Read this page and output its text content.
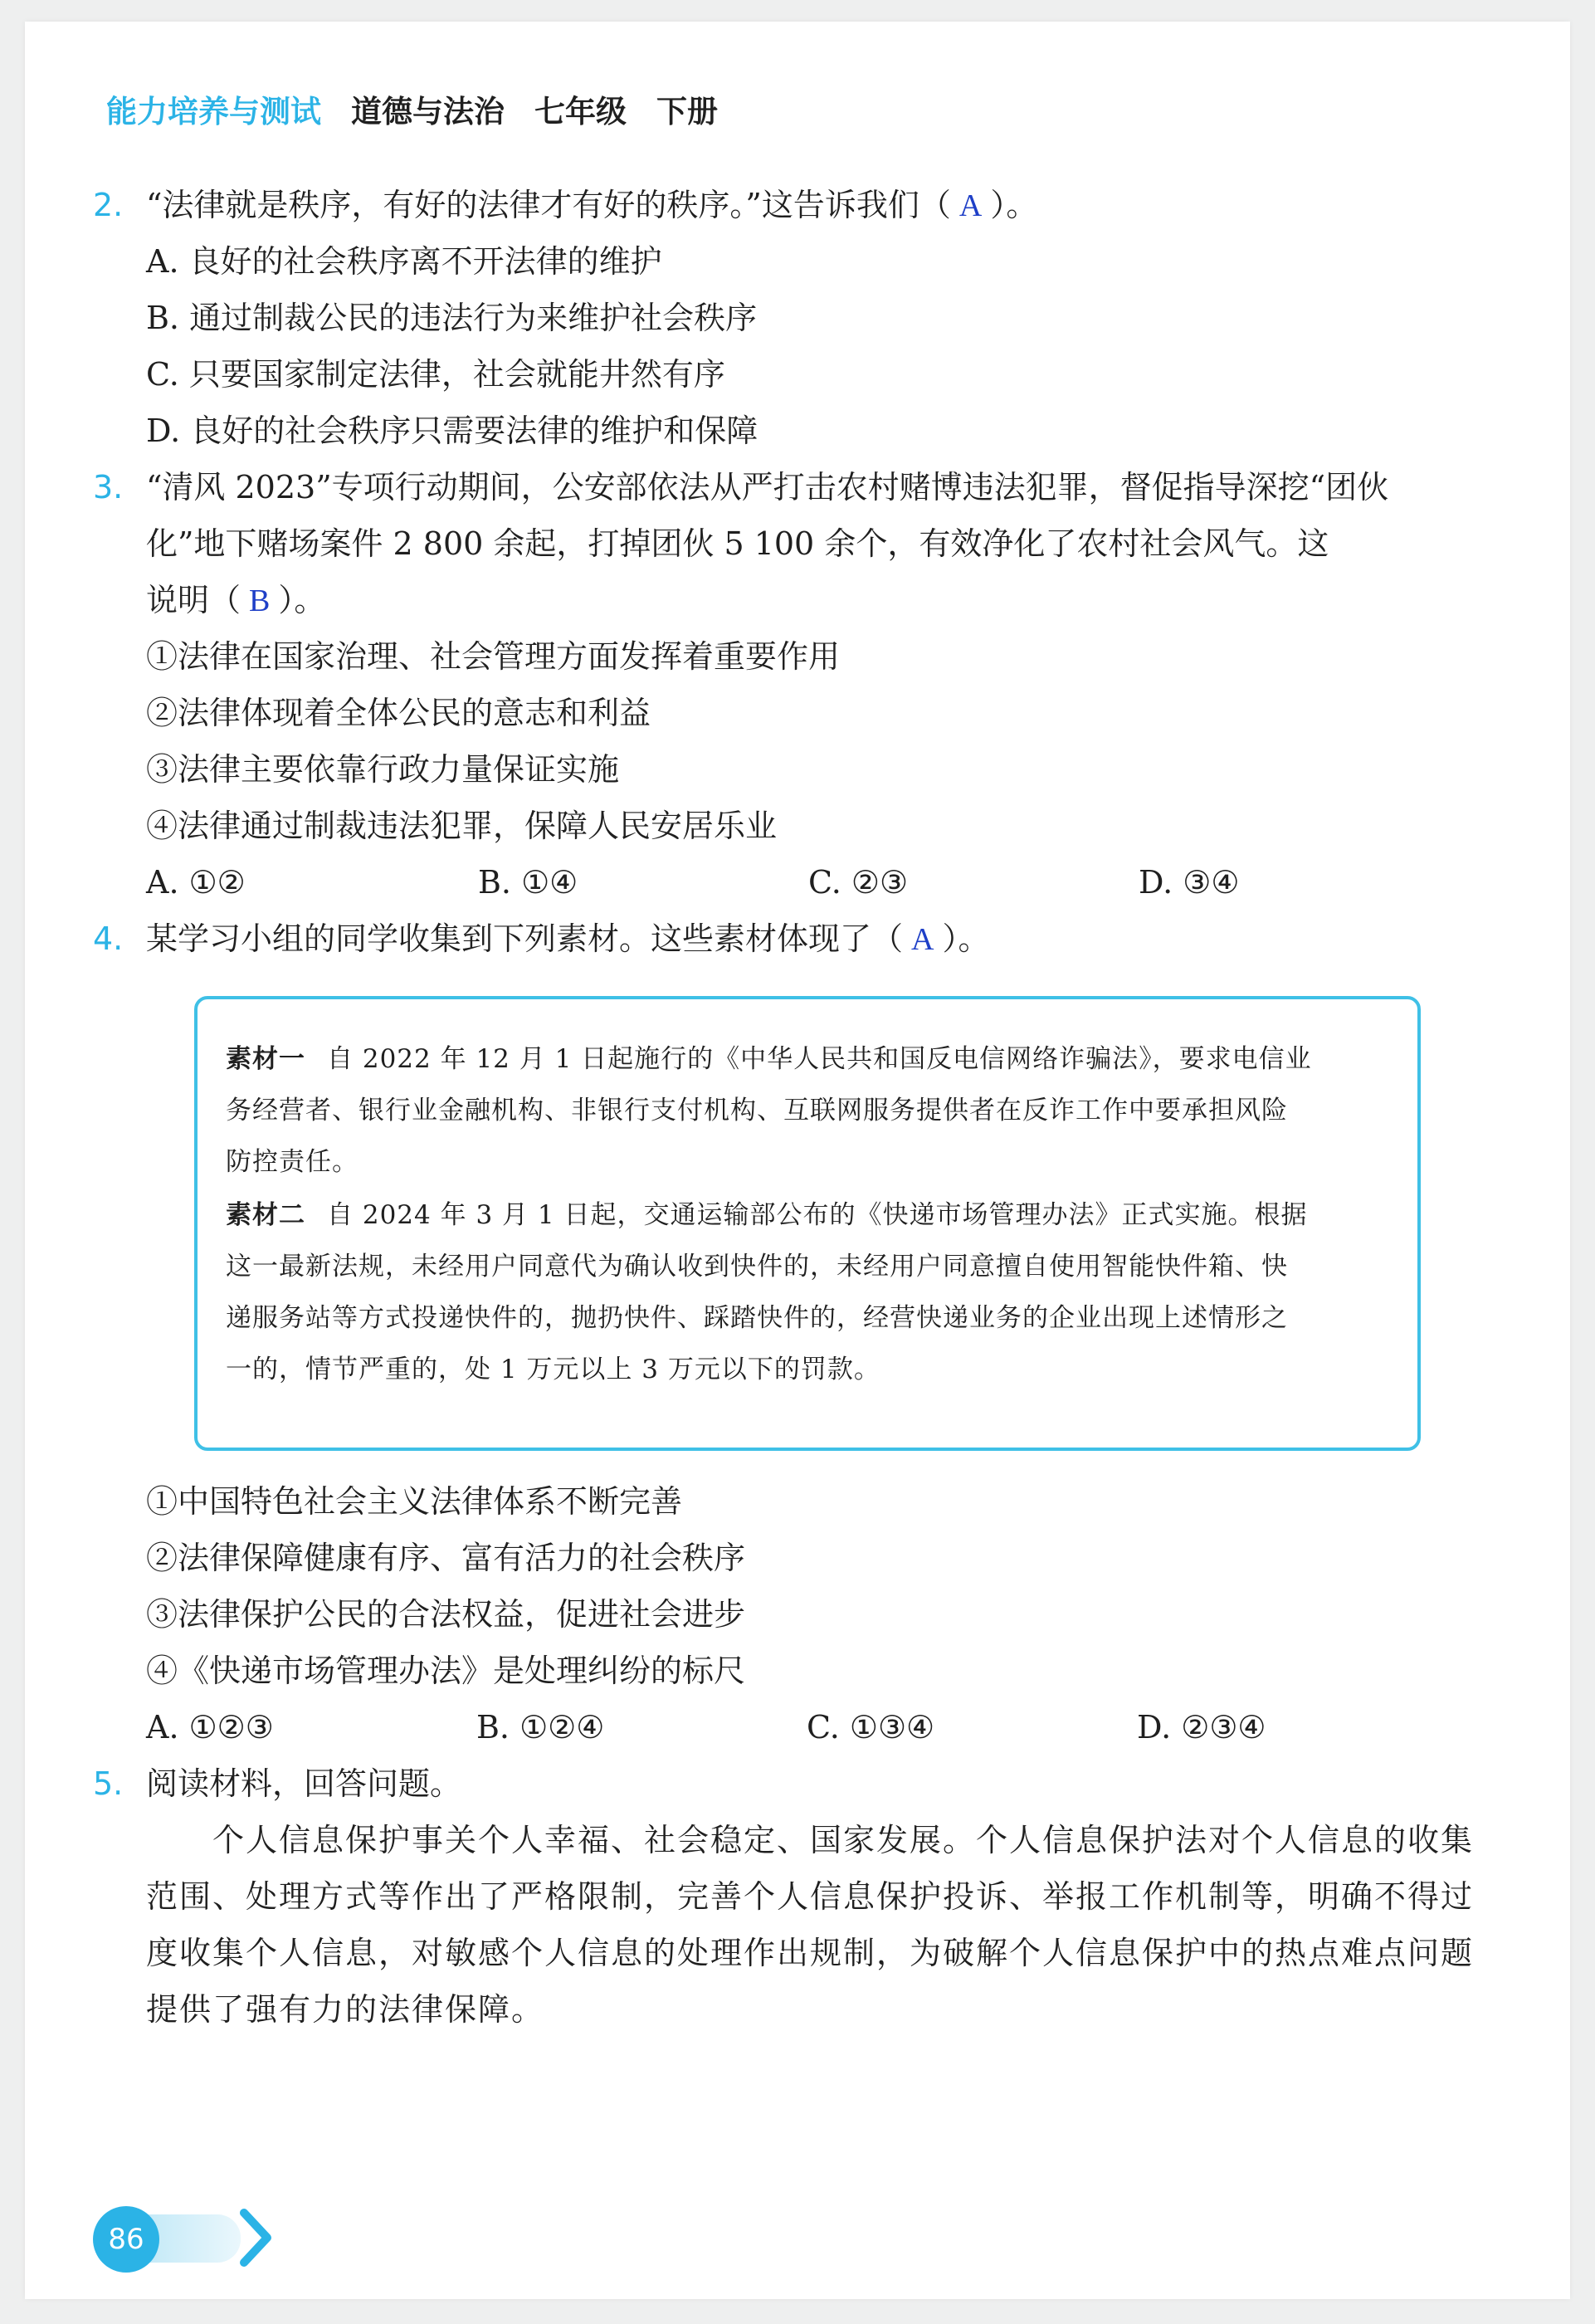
能力培养与测试 道德与法治 七年级 下册
2. “法律就是秩序，有好的法律才有好的秩序。”这告诉我们（ A ）。
A. 良好的社会秩序离不开法律的维护
B. 通过制裁公民的违法行为来维护社会秩序
C. 只要国家制定法律，社会就能井然有序
D. 良好的社会秩序只需要法律的维护和保障
3. “清风 2023”专项行动期间，公安部依法从严打击农村赌博违法犯罪，督促指导深挖“团伙
化”地下赌场案件 2 800 余起，打掉团伙 5 100 余个，有效净化了农村社会风气。这
说明（ B ）。
①法律在国家治理、社会管理方面发挥着重要作用
②法律体现着全体公民的意志和利益
③法律主要依靠行政力量保证实施
④法律通过制裁违法犯罪，保障人民安居乐业
A. ①②	B. ①④	C. ②③	D. ③④
4. 某学习小组的同学收集到下列素材。这些素材体现了（ A ）。
素材一 自 2022 年 12 月 1 日起施行的《中华人民共和国反电信网络诈骗法》，要求电信业
务经营者、银行业金融机构、非银行支付机构、互联网服务提供者在反诈工作中要承担风险
防控责任。
素材二 自 2024 年 3 月 1 日起，交通运输部公布的《快递市场管理办法》正式实施。根据
这一最新法规，未经用户同意代为确认收到快件的，未经用户同意擅自使用智能快件箱、快
递服务站等方式投递快件的，抛扔快件、踩踏快件的，经营快递业务的企业出现上述情形之
一的，情节严重的，处 1 万元以上 3 万元以下的罚款。
①中国特色社会主义法律体系不断完善
②法律保障健康有序、富有活力的社会秩序
③法律保护公民的合法权益，促进社会进步
④《快递市场管理办法》是处理纠纷的标尺
A. ①②③	B. ①②④	C. ①③④	D. ②③④
5. 阅读材料，回答问题。
　　个人信息保护事关个人幸福、社会稳定、国家发展。个人信息保护法对个人信息的收集
范围、处理方式等作出了严格限制，完善个人信息保护投诉、举报工作机制等，明确不得过
度收集个人信息，对敏感个人信息的处理作出规制，为破解个人信息保护中的热点难点问题
提供了强有力的法律保障。
86
